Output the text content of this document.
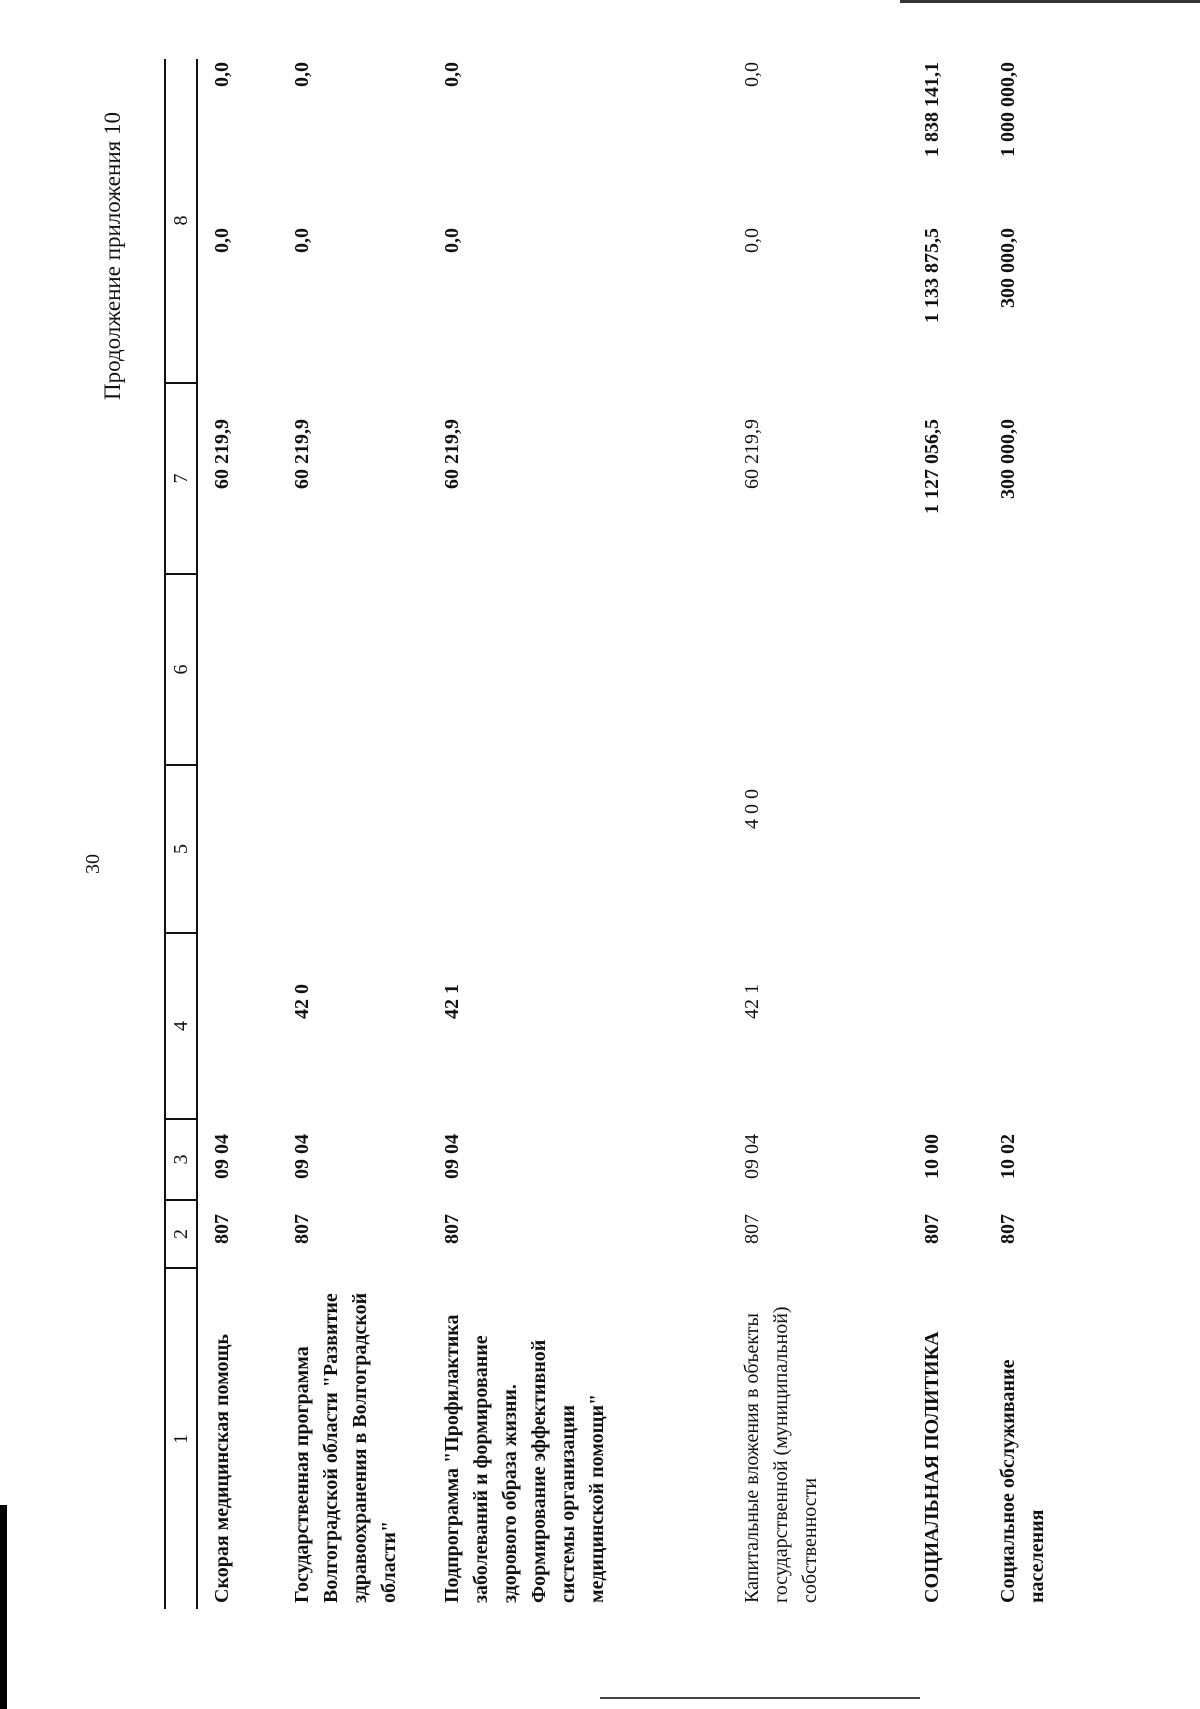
30
Продолжение приложения 10
1
2
3
4
5
6
7
8
Скорая медицинская помощь
807
09 04
60 219,9
0,0
0,0
Государственная программа Волгоградской области "Развитие здравоохранения в Волгоградской области"
807
09 04
42 0
60 219,9
0,0
0,0
Подпрограмма "Профилактика заболеваний и формирование здорового образа жизни. Формирование эффективной системы организации медицинской помощи"
807
09 04
42 1
60 219,9
0,0
0,0
Капитальные вложения в объекты государственной (муниципальной) собственности
807
09 04
42 1
4 0 0
60 219,9
0,0
0,0
СОЦИАЛЬНАЯ ПОЛИТИКА
807
10 00
1 127 056,5
1 133 875,5
1 838 141,1
Социальное обслуживание населения
807
10 02
300 000,0
300 000,0
1 000 000,0
